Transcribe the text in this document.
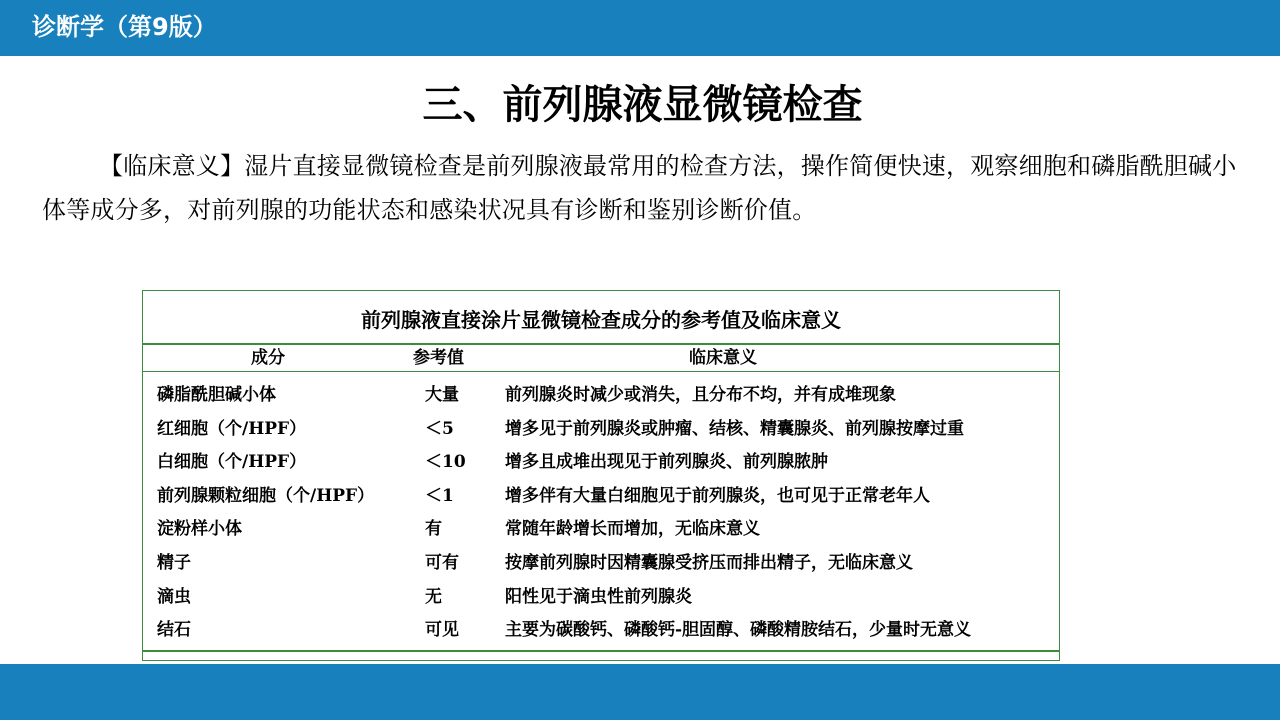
诊断学（第9版）
三、前列腺液显微镜检查
【临床意义】湿片直接显微镜检查是前列腺液最常用的检查方法，操作简便快速，观察细胞和磷脂酰胆碱小体等成分多，对前列腺的功能状态和感染状况具有诊断和鉴别诊断价值。
前列腺液直接涂片显微镜检查成分的参考值及临床意义
成分	参考值	临床意义
磷脂酰胆碱小体	大量	前列腺炎时减少或消失，且分布不均，并有成堆现象
红细胞（个/HPF）	＜5	增多见于前列腺炎或肿瘤、结核、精囊腺炎、前列腺按摩过重
白细胞（个/HPF）	＜10 增多且成堆出现见于前列腺炎、前列腺脓肿
前列腺颗粒细胞（个/HPF）	＜1	增多伴有大量白细胞见于前列腺炎，也可见于正常老年人
淀粉样小体	有	常随年龄增长而增加，无临床意义
精子	可有	按摩前列腺时因精囊腺受挤压而排出精子，无临床意义
滴虫	无	阳性见于滴虫性前列腺炎
结石	可见	主要为碳酸钙、磷酸钙-胆固醇、磷酸精胺结石，少量时无意义
